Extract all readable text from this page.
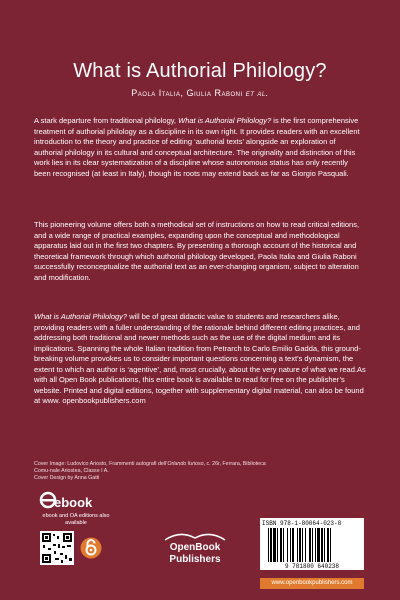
What is Authorial Philology?
Paola Italia, Giulia Raboni et al.

A stark departure from traditional philology, What is Authorial Philology? is the first comprehensive treatment of authorial philology as a discipline in its own right. It provides readers with an excellent introduction to the theory and practice of editing ‘authorial texts’ alongside an exploration of authorial philology in its cultural and conceptual architecture. The originality and distinction of this work lies in its clear systematization of a discipline whose autonomous status has only recently been recognised (at least in Italy), though its roots may extend back as far as Giorgio Pasquali.

This pioneering volume offers both a methodical set of instructions on how to read critical editions, and a wide range of practical examples, expanding upon the conceptual and methodological apparatus laid out in the first two chapters. By presenting a thorough account of the historical and theoretical framework through which authorial philology developed, Paola Italia and Giulia Raboni successfully reconceptualize the authorial text as an ever-changing organism, subject to alteration and modification.

What is Authorial Philology? will be of great didactic value to students and researchers alike, providing readers with a fuller understanding of the rationale behind different editing practices, and addressing both traditional and newer methods such as the use of the digital medium and its implications. Spanning the whole Italian tradition from Petrarch to Carlo Emilio Gadda, this ground-breaking volume provokes us to consider important questions concerning a text’s dynamism, the extent to which an author is ‘agentive’, and, most crucially, about the very nature of what we read.As with all Open Book publications, this entire book is available to read for free on the publisher’s website. Printed and digital editions, together with supplementary digital material, can also be found at www. openbookpublishers.com

Cover Image: Ludovico Ariosto, Frammenti autografi dell’Orlando furioso, c. 26r, Ferrara, Biblioteca Comu-nale Ariostea, Classe I A.
Cover Design by Anna Gatti
ebook
ebook and OA editions also available
OpenBook
Publishers
ISBN 978-1-80064-023-8
9 781800 640238
www.openbookpublishers.com
